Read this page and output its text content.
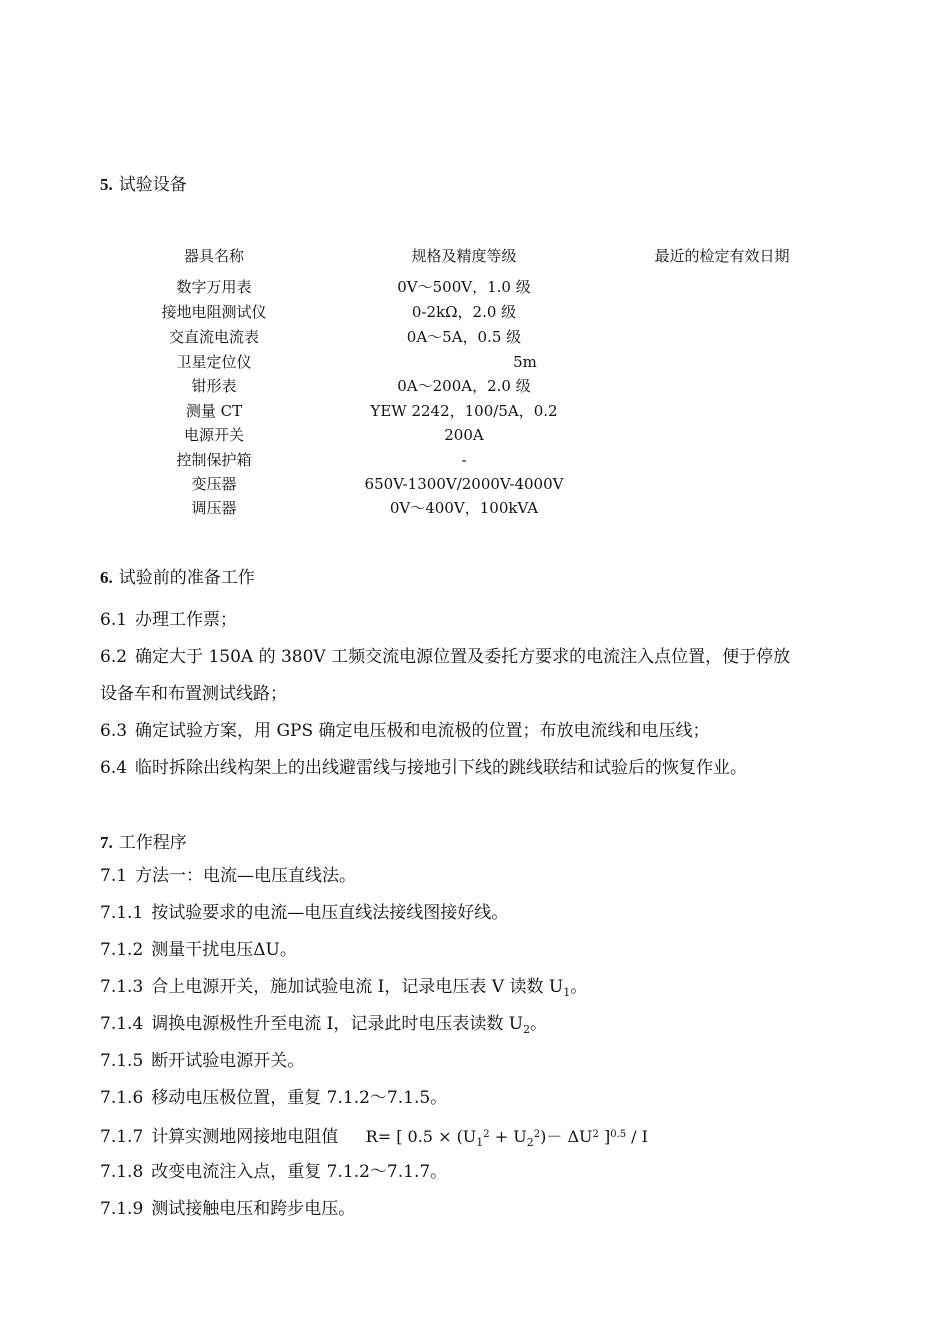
5. 试验设备
器具名称	规格及精度等级	最近的检定有效日期
数字万用表	0V～500V，1.0 级
接地电阻测试仪	0-2kΩ，2.0 级
交直流电流表	0A～5A，0.5 级
卫星定位仪	5m
钳形表	0A～200A，2.0 级
测量 CT	YEW 2242，100/5A，0.2
电源开关	200A
控制保护箱	-
变压器	650V-1300V/2000V-4000V
调压器	0V～400V，100kVA
6. 试验前的准备工作
6.1 办理工作票；
6.2 确定大于 150A 的 380V 工频交流电源位置及委托方要求的电流注入点位置，便于停放
设备车和布置测试线路；
6.3 确定试验方案，用 GPS 确定电压极和电流极的位置；布放电流线和电压线；
6.4 临时拆除出线构架上的出线避雷线与接地引下线的跳线联结和试验后的恢复作业。
7. 工作程序
7.1 方法一：电流—电压直线法。
7.1.1 按试验要求的电流—电压直线法接线图接好线。
7.1.2 测量干扰电压ΔU。
7.1.3 合上电源开关，施加试验电流 I，记录电压表 V 读数 $U_1$。
7.1.4 调换电源极性升至电流 I，记录此时电压表读数 $U_2$。
7.1.5 断开试验电源开关。
7.1.6 移动电压极位置，重复 7.1.2～7.1.5。
7.1.7 计算实测地网接地电阻值 R= [ $0.5 \times (U_1^2 + U_2^2)- \Delta U^2$ ]$^{0.5}$ / I
7.1.8 改变电流注入点，重复 7.1.2～7.1.7。
7.1.9 测试接触电压和跨步电压。
